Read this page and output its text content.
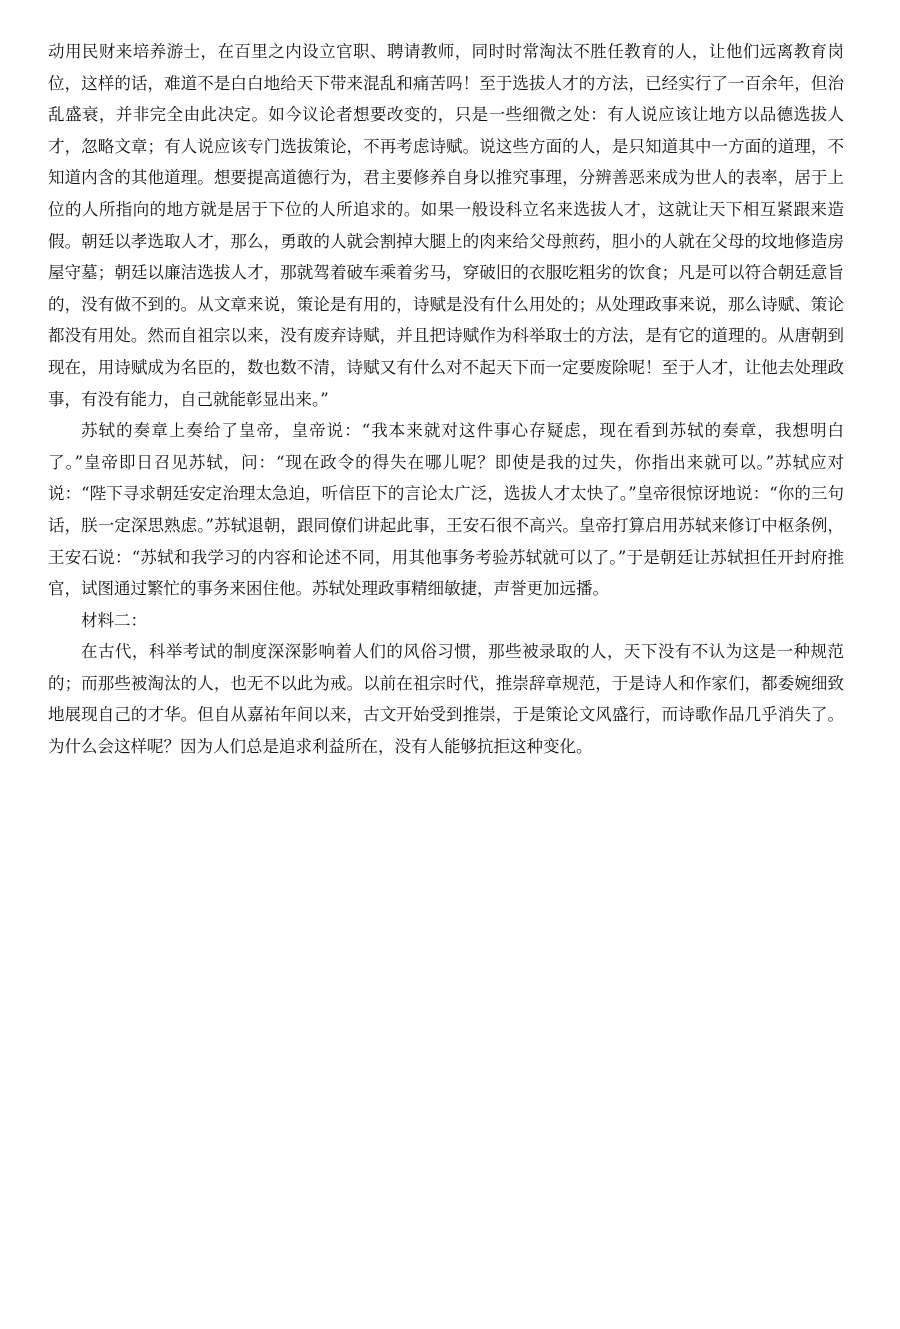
动用民财来培养游士，在百里之内设立官职、聘请教师，同时时常淘汰不胜任教育的人，让他们远离教育岗位，这样的话，难道不是白白地给天下带来混乱和痛苦吗！至于选拔人才的方法，已经实行了一百余年，但治乱盛衰，并非完全由此决定。如今议论者想要改变的，只是一些细微之处：有人说应该让地方以品德选拔人才，忽略文章；有人说应该专门选拔策论，不再考虑诗赋。说这些方面的人，是只知道其中一方面的道理，不知道内含的其他道理。想要提高道德行为，君主要修养自身以推究事理，分辨善恶来成为世人的表率，居于上位的人所指向的地方就是居于下位的人所追求的。如果一般设科立名来选拔人才，这就让天下相互紧跟来造假。朝廷以孝选取人才，那么，勇敢的人就会割掉大腿上的肉来给父母煎药，胆小的人就在父母的坟地修造房屋守墓；朝廷以廉洁选拔人才，那就驾着破车乘着劣马，穿破旧的衣服吃粗劣的饮食；凡是可以符合朝廷意旨的，没有做不到的。从文章来说，策论是有用的，诗赋是没有什么用处的；从处理政事来说，那么诗赋、策论都没有用处。然而自祖宗以来，没有废弃诗赋，并且把诗赋作为科举取士的方法，是有它的道理的。从唐朝到现在，用诗赋成为名臣的，数也数不清，诗赋又有什么对不起天下而一定要废除呢！至于人才，让他去处理政事，有没有能力，自己就能彰显出来。”

苏轼的奏章上奏给了皇帝，皇帝说：“我本来就对这件事心存疑虑，现在看到苏轼的奏章，我想明白了。”皇帝即日召见苏轼，问：“现在政令的得失在哪儿呢？即使是我的过失，你指出来就可以。”苏轼应对说：“陛下寻求朝廷安定治理太急迫，听信臣下的言论太广泛，选拔人才太快了。”皇帝很惊讶地说：“你的三句话，朕一定深思熟虑。”苏轼退朝，跟同僚们讲起此事，王安石很不高兴。皇帝打算启用苏轼来修订中枢条例，王安石说：“苏轼和我学习的内容和论述不同，用其他事务考验苏轼就可以了。”于是朝廷让苏轼担任开封府推官，试图通过繁忙的事务来困住他。苏轼处理政事精细敏捷，声誉更加远播。

材料二：

在古代，科举考试的制度深深影响着人们的风俗习惯，那些被录取的人，天下没有不认为这是一种规范的；而那些被淘汰的人，也无不以此为戒。以前在祖宗时代，推崇辞章规范，于是诗人和作家们，都委婉细致地展现自己的才华。但自从嘉祐年间以来，古文开始受到推崇，于是策论文风盛行，而诗歌作品几乎消失了。为什么会这样呢？因为人们总是追求利益所在，没有人能够抗拒这种变化。
